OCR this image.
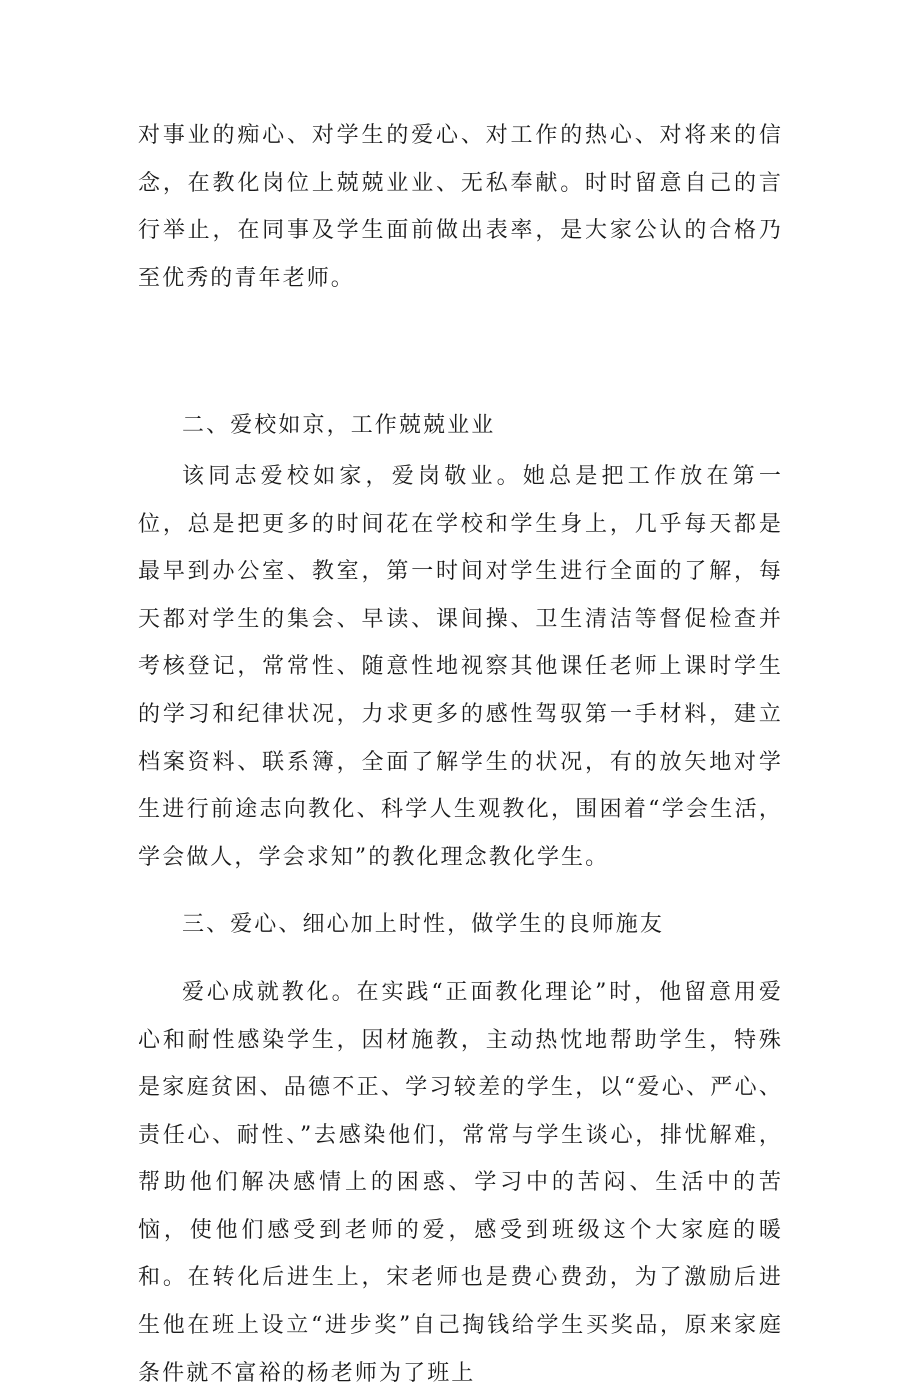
对事业的痴心、对学生的爱心、对工作的热心、对将来的信念，在教化岗位上兢兢业业、无私奉献。时时留意自己的言行举止，在同事及学生面前做出表率，是大家公认的合格乃至优秀的青年老师。

二、爱校如京，工作兢兢业业

该同志爱校如家，爱岗敬业。她总是把工作放在第一位，总是把更多的时间花在学校和学生身上，几乎每天都是最早到办公室、教室，第一时间对学生进行全面的了解，每天都对学生的集会、早读、课间操、卫生清洁等督促检查并考核登记，常常性、随意性地视察其他课任老师上课时学生的学习和纪律状况，力求更多的感性驾驭第一手材料，建立档案资料、联系簿，全面了解学生的状况，有的放矢地对学生进行前途志向教化、科学人生观教化，围困着“学会生活，学会做人，学会求知”的教化理念教化学生。

三、爱心、细心加上时性，做学生的良师施友

爱心成就教化。在实践“正面教化理论”时，他留意用爱心和耐性感染学生，因材施教，主动热忱地帮助学生，特殊是家庭贫困、品德不正、学习较差的学生，以“爱心、严心、责任心、耐性、”去感染他们，常常与学生谈心，排忧解难，帮助他们解决感情上的困惑、学习中的苦闷、生活中的苦恼，使他们感受到老师的爱，感受到班级这个大家庭的暖和。在转化后进生上，宋老师也是费心费劲，为了激励后进生他在班上设立“进步奖”自己掏钱给学生买奖品，原来家庭条件就不富裕的杨老师为了班上
